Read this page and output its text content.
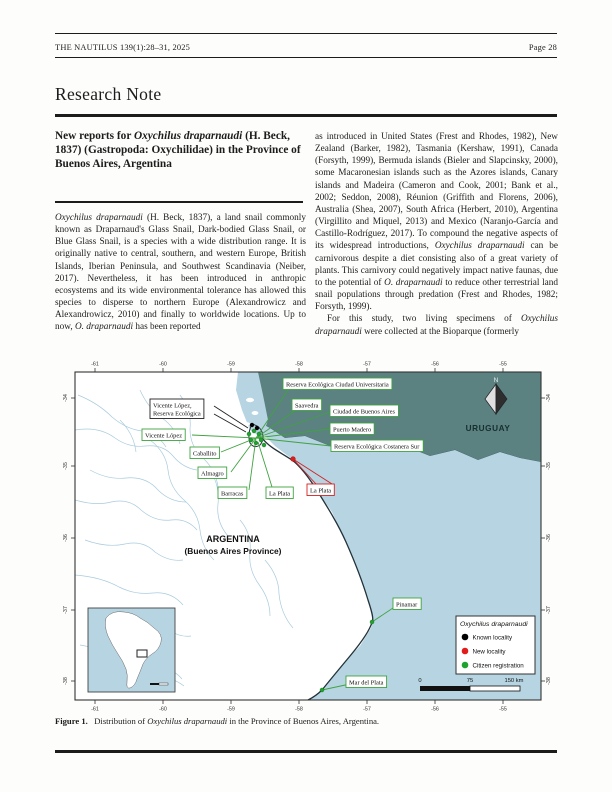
THE NAUTILUS 139(1):28–31, 2025	Page 28
Research Note
New reports for Oxychilus draparnaudi (H. Beck, 1837) (Gastropoda: Oxychilidae) in the Province of Buenos Aires, Argentina

Oxychilus draparnaudi (H. Beck, 1837), a land snail commonly known as Draparnaud's Glass Snail, Dark-bodied Glass Snail, or Blue Glass Snail, is a species with a wide distribution range. It is originally native to central, southern, and western Europe, British Islands, Iberian Peninsula, and Southwest Scandinavia (Neiber, 2017). Nevertheless, it has been introduced in anthropic ecosystems and its wide environmental tolerance has allowed this species to disperse to northern Europe (Alexandrowicz and Alexandrowicz, 2010) and finally to worldwide locations. Up to now, O. draparnaudi has been reported

as introduced in United States (Frest and Rhodes, 1982), New Zealand (Barker, 1982), Tasmania (Kershaw, 1991), Canada (Forsyth, 1999), Bermuda islands (Bieler and Slapcinsky, 2000), some Macaronesian islands such as the Azores islands, Canary islands and Madeira (Cameron and Cook, 2001; Bank et al., 2002; Seddon, 2008), Réunion (Griffith and Florens, 2006), Australia (Shea, 2007), South Africa (Herbert, 2010), Argentina (Virgillito and Miquel, 2013) and Mexico (Naranjo-García and Castillo-Rodríguez, 2017). To compound the negative aspects of its widespread introductions, Oxychilus draparnaudi can be carnivorous despite a diet consisting also of a great variety of plants. This carnivory could negatively impact native faunas, due to the potential of O. draparnaudi to reduce other terrestrial land snail populations through predation (Frest and Rhodes, 1982; Forsyth, 1999).

For this study, two living specimens of Oxychilus draparnaudi were collected at the Bioparque (formerly

URUGUAY
ARGENTINA
(Buenos Aires Province)
N
Reserva Ecológica Ciudad Universitaria
Saavedra
Ciudad de Buenos Aires
Puerto Madero
Reserva Ecológica Costanera Sur
Vicente López, Reserva Ecológica
Vicente López
Caballito
Almagro
Barracas	La Plata	La Plata
Pinamar
Mar del Plata
Oxychilus draparnaudi
Known locality
New locality
Citizen registration
0	75	150 km
-61
-61
-60
-60
-59
-59
-58
-58
-57
-57
-56
-56
-55
-55
-34	-34
-35	-35
-36	-36
-37	-37
-38	-38
Figure 1.   Distribution of Oxychilus draparnaudi in the Province of Buenos Aires, Argentina.
